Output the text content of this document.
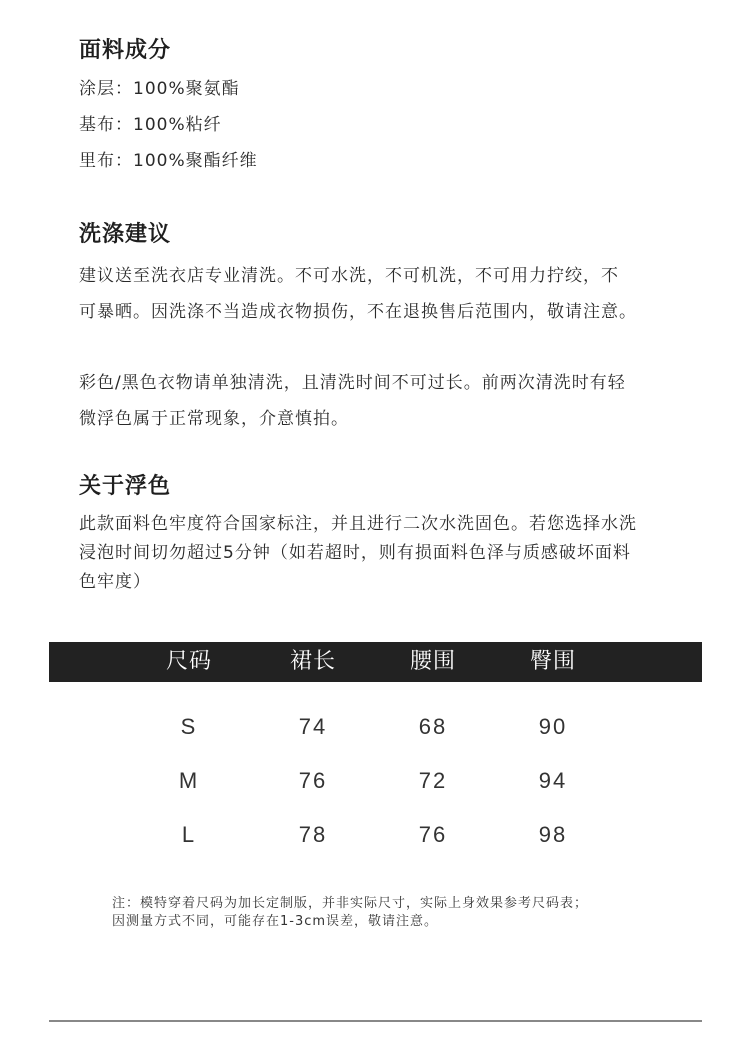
面料成分
涂层：100%聚氨酯
基布：100%粘纤
里布：100%聚酯纤维
洗涤建议

建议送至洗衣店专业清洗。不可水洗，不可机洗，不可用力拧绞，不

可暴晒。因洗涤不当造成衣物损伤，不在退换售后范围内，敬请注意。

彩色/黑色衣物请单独清洗，且清洗时间不可过长。前两次清洗时有轻

微浮色属于正常现象，介意慎拍。

关于浮色

此款面料色牢度符合国家标注，并且进行二次水洗固色。若您选择水洗

浸泡时间切勿超过5分钟（如若超时，则有损面料色泽与质感破坏面料

色牢度）

尺码	裙长	腰围	臀围
S	74	68	90
M	76	72	94
L	78	76	98

注：模特穿着尺码为加长定制版，并非实际尺寸，实际上身效果参考尺码表；

因测量方式不同，可能存在1-3cm误差，敬请注意。
